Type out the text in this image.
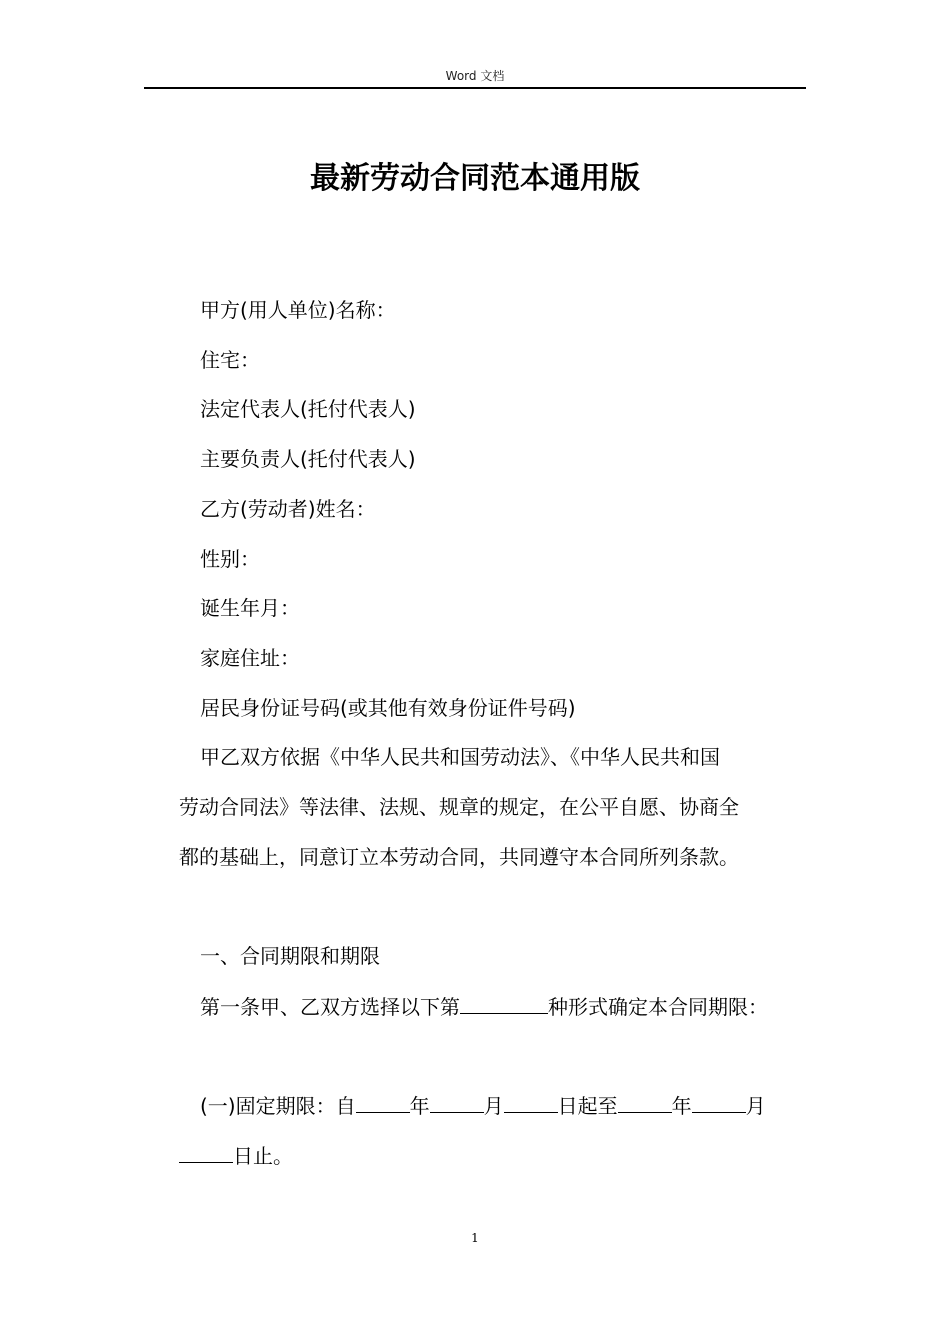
Word 文档
最新劳动合同范本通用版

甲方(用人单位)名称：

住宅：

法定代表人(托付代表人)

主要负责人(托付代表人)

乙方(劳动者)姓名：

性别：

诞生年月：

家庭住址：

居民身份证号码(或其他有效身份证件号码)

甲乙双方依据《中华人民共和国劳动法》、《中华人民共和国

劳动合同法》等法律、法规、规章的规定，在公平自愿、协商全

都的基础上，同意订立本劳动合同，共同遵守本合同所列条款。

一、合同期限和期限

第一条甲、乙双方选择以下第	种形式确定本合同期限：

(一)固定期限：自	年	月	日起至	年	月

日止。

1
